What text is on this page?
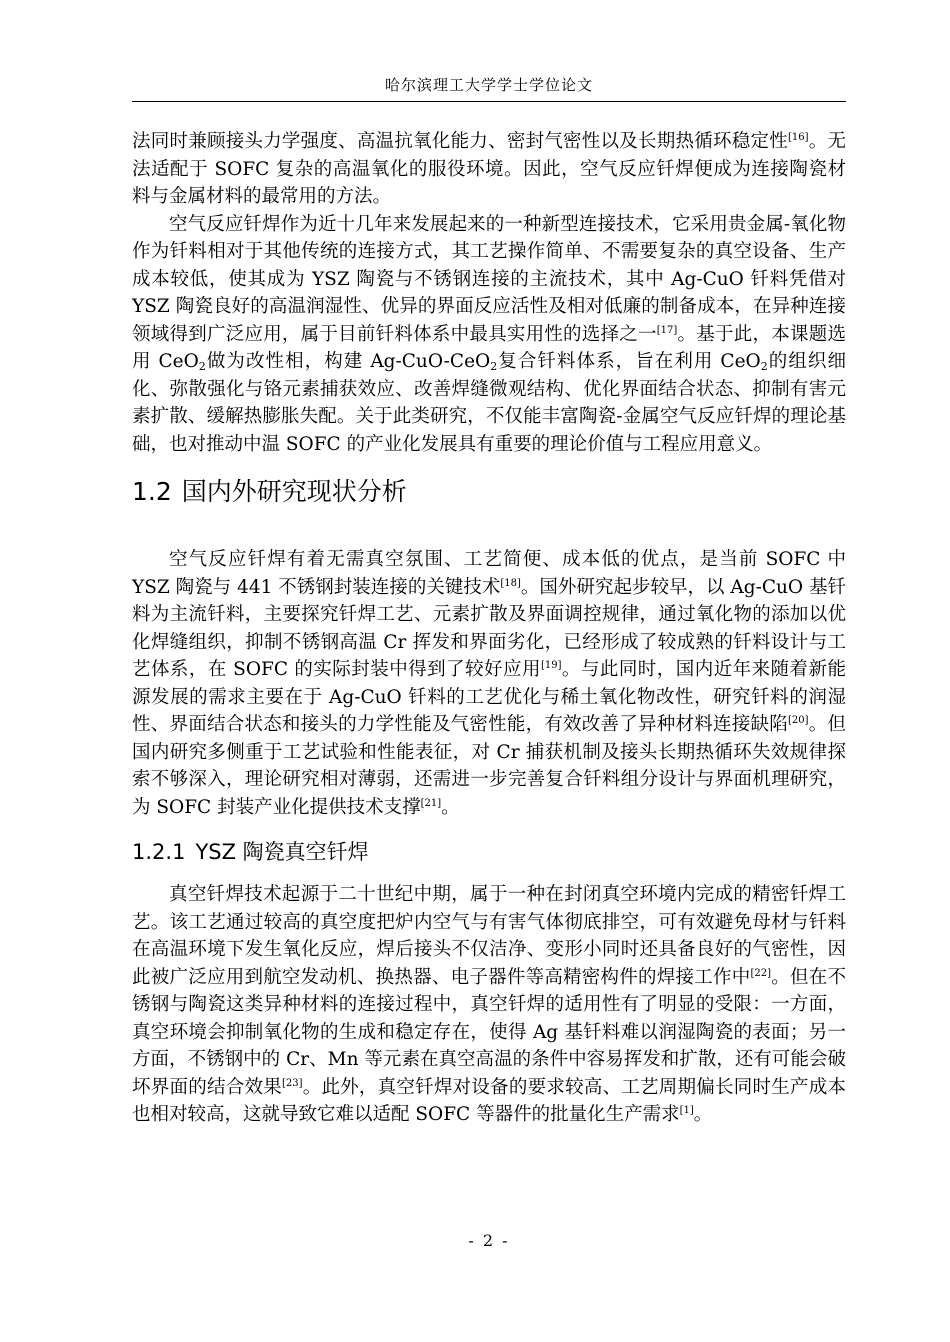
哈尔滨理工大学学士学位论文

法同时兼顾接头力学强度、高温抗氧化能力、密封气密性以及长期热循环稳定性[16]。无法适配于 SOFC 复杂的高温氧化的服役环境。因此，空气反应钎焊便成为连接陶瓷材料与金属材料的最常用的方法。

空气反应钎焊作为近十几年来发展起来的一种新型连接技术，它采用贵金属-氧化物作为钎料相对于其他传统的连接方式，其工艺操作简单、不需要复杂的真空设备、生产成本较低，使其成为 YSZ 陶瓷与不锈钢连接的主流技术，其中 Ag-CuO 钎料凭借对 YSZ 陶瓷良好的高温润湿性、优异的界面反应活性及相对低廉的制备成本，在异种连接领域得到广泛应用，属于目前钎料体系中最具实用性的选择之一[17]。基于此，本课题选用 CeO$_2$做为改性相，构建 Ag-CuO-CeO$_2$复合钎料体系，旨在利用 CeO$_2$的组织细化、弥散强化与铬元素捕获效应、改善焊缝微观结构、优化界面结合状态、抑制有害元素扩散、缓解热膨胀失配。关于此类研究，不仅能丰富陶瓷-金属空气反应钎焊的理论基础，也对推动中温 SOFC 的产业化发展具有重要的理论价值与工程应用意义。

1.2 国内外研究现状分析

空气反应钎焊有着无需真空氛围、工艺简便、成本低的优点，是当前 SOFC 中 YSZ 陶瓷与 441 不锈钢封装连接的关键技术[18]。国外研究起步较早，以 Ag-CuO 基钎料为主流钎料，主要探究钎焊工艺、元素扩散及界面调控规律，通过氧化物的添加以优化焊缝组织，抑制不锈钢高温 Cr 挥发和界面劣化，已经形成了较成熟的钎料设计与工艺体系，在 SOFC 的实际封装中得到了较好应用[19]。与此同时，国内近年来随着新能源发展的需求主要在于 Ag-CuO 钎料的工艺优化与稀土氧化物改性，研究钎料的润湿性、界面结合状态和接头的力学性能及气密性能，有效改善了异种材料连接缺陷[20]。但国内研究多侧重于工艺试验和性能表征，对 Cr 捕获机制及接头长期热循环失效规律探索不够深入，理论研究相对薄弱，还需进一步完善复合钎料组分设计与界面机理研究，为 SOFC 封装产业化提供技术支撑[21]。

1.2.1 YSZ 陶瓷真空钎焊

真空钎焊技术起源于二十世纪中期，属于一种在封闭真空环境内完成的精密钎焊工艺。该工艺通过较高的真空度把炉内空气与有害气体彻底排空，可有效避免母材与钎料在高温环境下发生氧化反应，焊后接头不仅洁净、变形小同时还具备良好的气密性，因此被广泛应用到航空发动机、换热器、电子器件等高精密构件的焊接工作中[22]。但在不锈钢与陶瓷这类异种材料的连接过程中，真空钎焊的适用性有了明显的受限：一方面，真空环境会抑制氧化物的生成和稳定存在，使得 Ag 基钎料难以润湿陶瓷的表面；另一方面，不锈钢中的 Cr、Mn 等元素在真空高温的条件中容易挥发和扩散，还有可能会破坏界面的结合效果[23]。此外，真空钎焊对设备的要求较高、工艺周期偏长同时生产成本也相对较高，这就导致它难以适配 SOFC 等器件的批量化生产需求[1]。

- 2 -
